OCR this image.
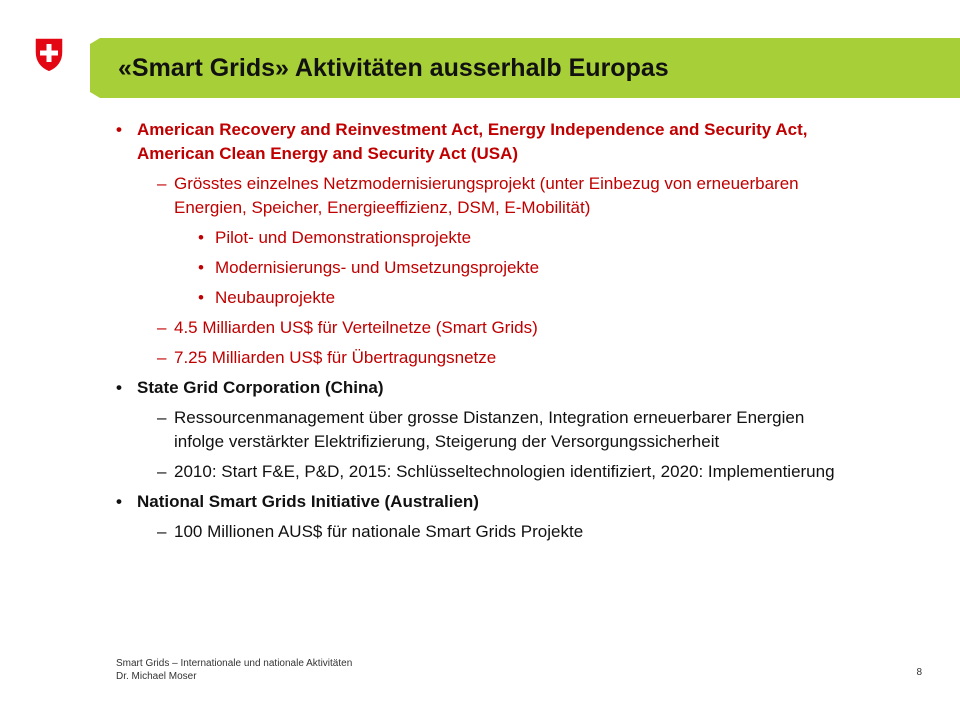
«Smart Grids» Aktivitäten ausserhalb Europas
• American Recovery and Reinvestment Act, Energy Independence and Security Act, American Clean Energy and Security Act (USA)
– Grösstes einzelnes Netzmodernisierungsprojekt (unter Einbezug von erneuerbaren Energien, Speicher, Energieeffizienz, DSM, E-Mobilität)
• Pilot- und Demonstrationsprojekte
• Modernisierungs- und Umsetzungsprojekte
• Neubauprojekte
– 4.5 Milliarden US$ für Verteilnetze (Smart Grids)
– 7.25 Milliarden US$ für Übertragungsnetze
• State Grid Corporation (China)
– Ressourcenmanagement über grosse Distanzen, Integration erneuerbarer Energien infolge verstärkter Elektrifizierung, Steigerung der Versorgungssicherheit
– 2010: Start F&E, P&D, 2015: Schlüsseltechnologien identifiziert, 2020: Implementierung
• National Smart Grids Initiative (Australien)
– 100 Millionen AUS$ für nationale Smart Grids Projekte
Smart Grids – Internationale und nationale Aktivitäten
Dr. Michael Moser	8
